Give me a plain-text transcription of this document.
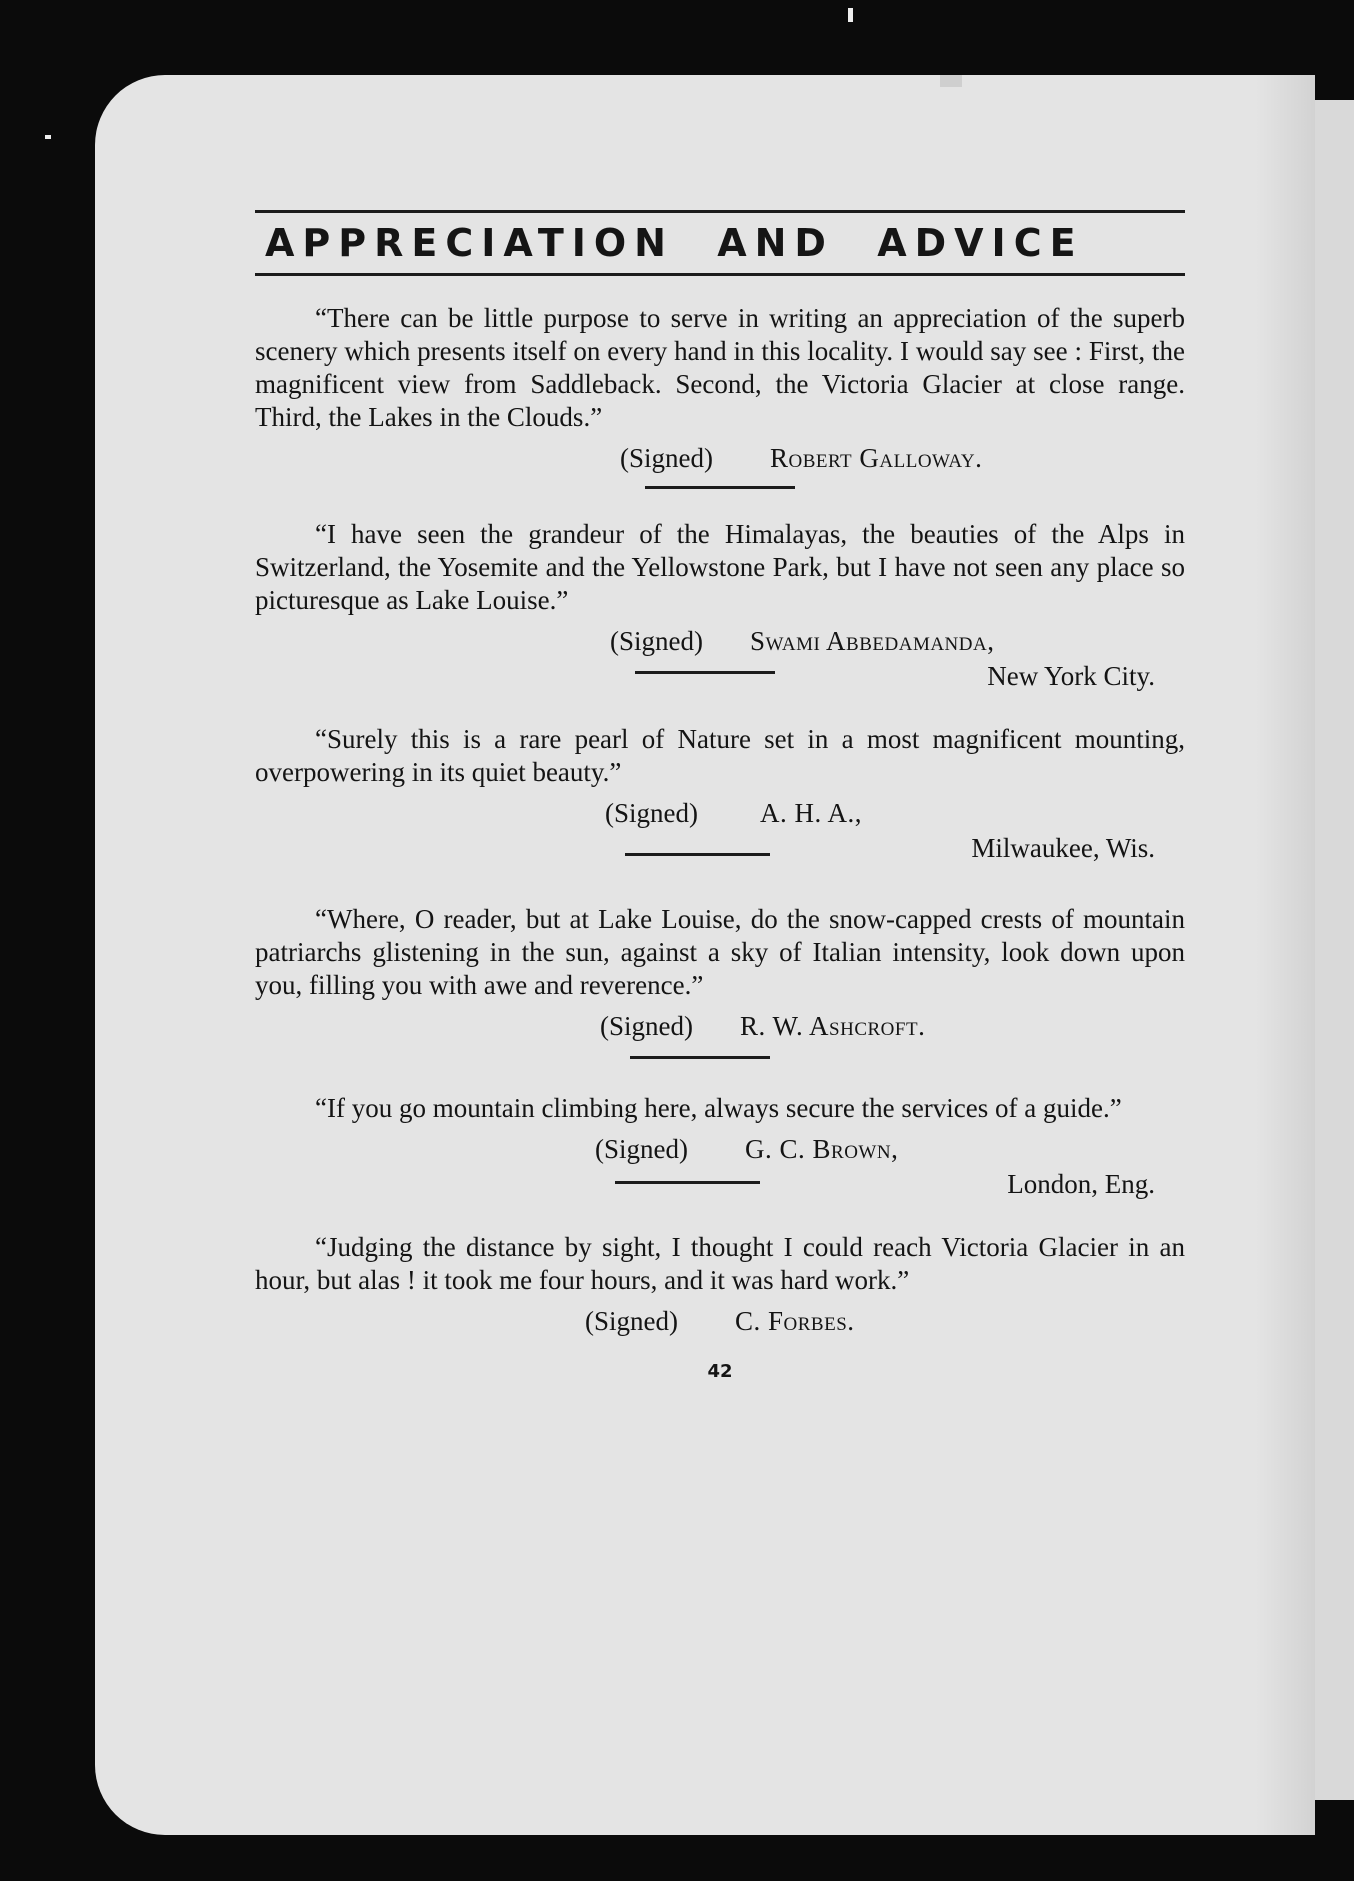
APPRECIATION AND ADVICE

“There can be little purpose to serve in writing an appreciation of the superb scenery which presents itself on every hand in this locality. I would say see : First, the magnificent view from Saddleback. Second, the Victoria Glacier at close range. Third, the Lakes in the Clouds.”

(Signed) Robert Galloway.

“I have seen the grandeur of the Himalayas, the beauties of the Alps in Switzerland, the Yosemite and the Yellowstone Park, but I have not seen any place so picturesque as Lake Louise.”

(Signed) Swami Abbedamanda,
New York City.

“Surely this is a rare pearl of Nature set in a most magnificent mounting, overpowering in its quiet beauty.”

(Signed) A. H. A.,
Milwaukee, Wis.

“Where, O reader, but at Lake Louise, do the snow-capped crests of mountain patriarchs glistening in the sun, against a sky of Italian intensity, look down upon you, filling you with awe and reverence.”

(Signed) R. W. Ashcroft.

“If you go mountain climbing here, always secure the services of a guide.”

(Signed) G. C. Brown,
London, Eng.

“Judging the distance by sight, I thought I could reach Victoria Glacier in an hour, but alas ! it took me four hours, and it was hard work.”

(Signed) C. Forbes.
42
